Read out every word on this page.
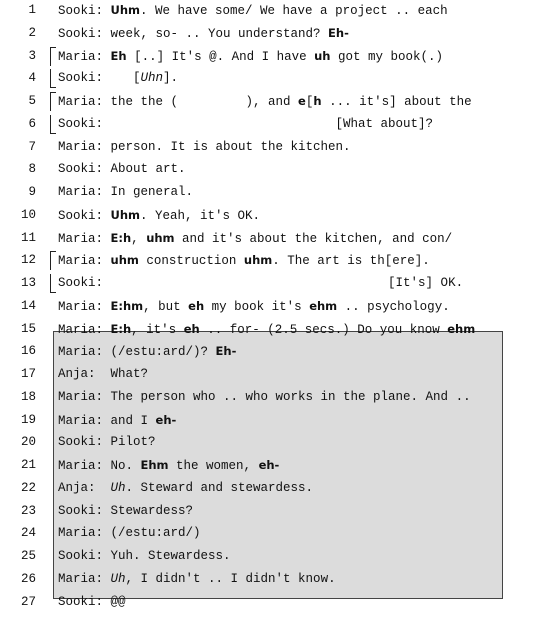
1 Sooki: Uhm. We have some/ We have a project .. each
2 Sooki: week, so- .. You understand? Eh-
3 Maria: Eh [..] It's @. And I have uh got my book(.)
4 Sooki:    [Uhn].
5 Maria: the the (         ), and e[h ... it's] about the
6 Sooki:                               [What about]?
7 Maria: person. It is about the kitchen.
8 Sooki: About art.
9 Maria: In general.
10 Sooki: Uhm. Yeah, it's OK.
11 Maria: E:h, uhm and it's about the kitchen, and con/
12 Maria: uhm construction uhm. The art is th[ere].
13 Sooki:                                      [It's] OK.
14 Maria: E:hm, but eh my book it's ehm .. psychology.
15 Maria: E:h, it's eh .. for- (2.5 secs.) Do you know ehm
16 Maria: (/estu:ard/)? Eh-
17 Anja:  What?
18 Maria: The person who .. who works in the plane. And ..
19 Maria: and I eh-
20 Sooki: Pilot?
21 Maria: No. Ehm the women, eh-
22 Anja:  Uh. Steward and stewardess.
23 Sooki: Stewardess?
24 Maria: (/estu:ard/)
25 Sooki: Yuh. Stewardess.
26 Maria: Uh, I didn't .. I didn't know.
27 Sooki: @@
